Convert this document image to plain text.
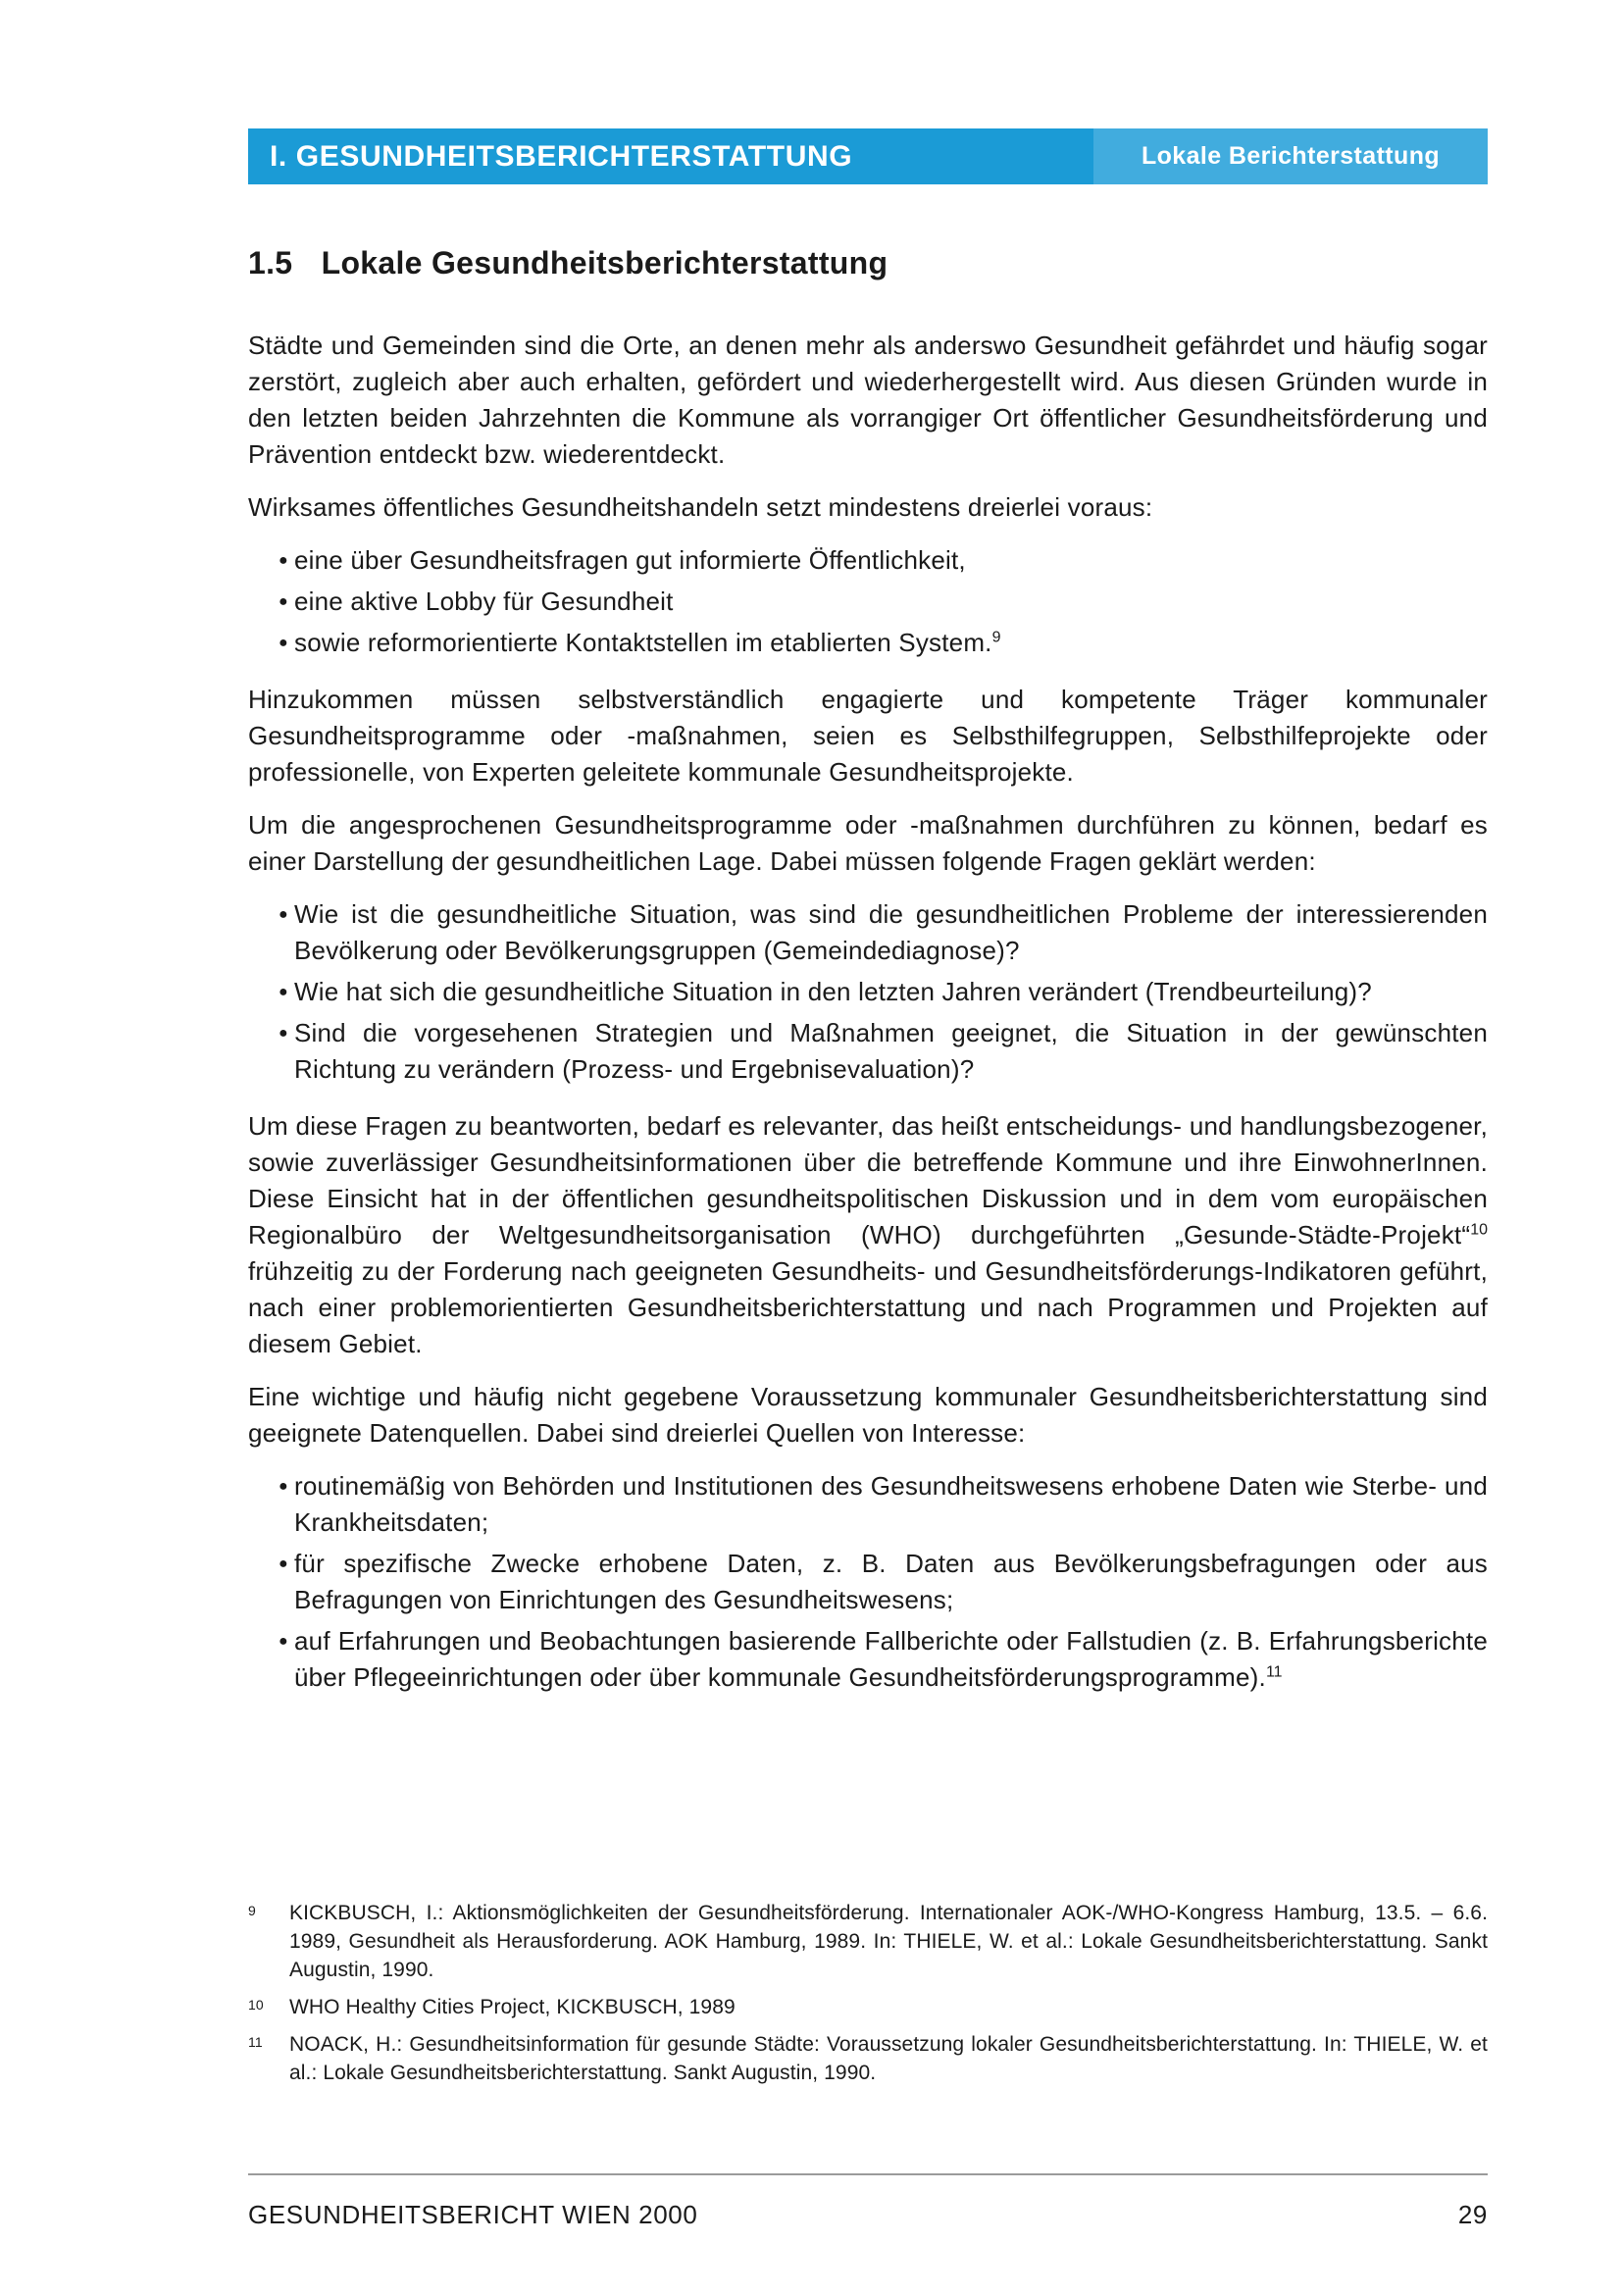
I. GESUNDHEITSBERICHTERSTATTUNG	Lokale Berichterstattung
1.5 Lokale Gesundheitsberichterstattung

Städte und Gemeinden sind die Orte, an denen mehr als anderswo Gesundheit gefährdet und häufig sogar zerstört, zugleich aber auch erhalten, gefördert und wiederhergestellt wird. Aus diesen Gründen wurde in den letzten beiden Jahrzehnten die Kommune als vorrangiger Ort öffentlicher Gesundheitsförderung und Prävention entdeckt bzw. wiederentdeckt.

Wirksames öffentliches Gesundheitshandeln setzt mindestens dreierlei voraus:

● eine über Gesundheitsfragen gut informierte Öffentlichkeit,
● eine aktive Lobby für Gesundheit
● sowie reformorientierte Kontaktstellen im etablierten System.$^9$

Hinzukommen müssen selbstverständlich engagierte und kompetente Träger kommunaler Gesundheitsprogramme oder -maßnahmen, seien es Selbsthilfegruppen, Selbsthilfeprojekte oder professionelle, von Experten geleitete kommunale Gesundheitsprojekte.

Um die angesprochenen Gesundheitsprogramme oder -maßnahmen durchführen zu können, bedarf es einer Darstellung der gesundheitlichen Lage. Dabei müssen folgende Fragen geklärt werden:

● Wie ist die gesundheitliche Situation, was sind die gesundheitlichen Probleme der interessierenden Bevölkerung oder Bevölkerungsgruppen (Gemeindediagnose)?
● Wie hat sich die gesundheitliche Situation in den letzten Jahren verändert (Trendbeurteilung)?
● Sind die vorgesehenen Strategien und Maßnahmen geeignet, die Situation in der gewünschten Richtung zu verändern (Prozess- und Ergebnisevaluation)?

Um diese Fragen zu beantworten, bedarf es relevanter, das heißt entscheidungs- und handlungsbezogener, sowie zuverlässiger Gesundheitsinformationen über die betreffende Kommune und ihre EinwohnerInnen. Diese Einsicht hat in der öffentlichen gesundheitspolitischen Diskussion und in dem vom europäischen Regionalbüro der Weltgesundheitsorganisation (WHO) durchgeführten „Gesunde-Städte-Projekt“$^{10}$ frühzeitig zu der Forderung nach geeigneten Gesundheits- und Gesundheitsförderungs-Indikatoren geführt, nach einer problemorientierten Gesundheitsberichterstattung und nach Programmen und Projekten auf diesem Gebiet.

Eine wichtige und häufig nicht gegebene Voraussetzung kommunaler Gesundheitsberichterstattung sind geeignete Datenquellen. Dabei sind dreierlei Quellen von Interesse:

● routinemäßig von Behörden und Institutionen des Gesundheitswesens erhobene Daten wie Sterbe- und Krankheitsdaten;
● für spezifische Zwecke erhobene Daten, z. B. Daten aus Bevölkerungsbefragungen oder aus Befragungen von Einrichtungen des Gesundheitswesens;
● auf Erfahrungen und Beobachtungen basierende Fallberichte oder Fallstudien (z. B. Erfahrungsberichte über Pflegeeinrichtungen oder über kommunale Gesundheitsförderungsprogramme).$^{11}$
9	KICKBUSCH, I.: Aktionsmöglichkeiten der Gesundheitsförderung. Internationaler AOK-/WHO-Kongress Hamburg, 13.5. – 6.6. 1989, Gesundheit als Herausforderung. AOK Hamburg, 1989. In: THIELE, W. et al.: Lokale Gesundheitsberichterstattung. Sankt Augustin, 1990.
10	WHO Healthy Cities Project, KICKBUSCH, 1989
11	NOACK, H.: Gesundheitsinformation für gesunde Städte: Voraussetzung lokaler Gesundheitsberichterstattung. In: THIELE, W. et al.: Lokale Gesundheitsberichterstattung. Sankt Augustin, 1990.
GESUNDHEITSBERICHT WIEN 2000	29
